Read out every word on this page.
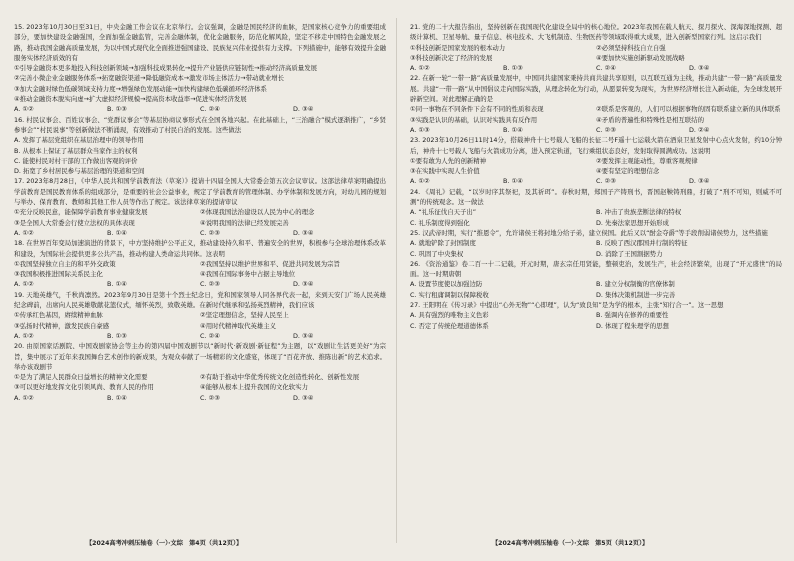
15. 2023年10月30日至31日，中央金融工作会议在北京举行。会议强调，金融是国民经济的血脉，是国家核心竞争力的重要组成部分，要加快建设金融强国，全面加强金融监管，完善金融体制，优化金融服务，防范化解风险，坚定不移走中国特色金融发展之路，推动我国金融高质量发展，为以中国式现代化全面推进强国建设、民族复兴伟业提供有力支撑。下列措施中，能够有效提升金融服务实体经济质效的有

①引导金融资本更多地投入科技创新领域→加强科技成果转化→提升产业链供应链韧性→推动经济高质量发展

②完善小微企业金融服务体系→拓宽融资渠道→降低融资成本→激发市场主体活力→带动就业增长

③加大金融对绿色低碳领域支持力度→增强绿色发展动能→加快构建绿色低碳循环经济体系

④推动金融资本脱实向虚→扩大虚拟经济规模→提高资本收益率→促进实体经济发展

A. ①②	B. ①③	C. ②④	D. ③④

16. 村民议事会、百姓议事会、“党群议事会”等基层协商议事形式在全国各地兴起。在此基础上，“三治融合”模式逐渐推广，“乡贤参事会”“村民说事”等创新做法不断涌现，有效推动了村民自治的发展。这些做法

A. 发挥了基层党组织在基层治理中的领导作用

B. 从根本上保证了基层群众当家作主的权利

C. 能使村民对村干部的工作做出客观的评价

D. 拓宽了乡村居民参与基层治理的渠道和空间

17. 2023年8月28日，《中华人民共和国学前教育法（草案）》提请十四届全国人大常委会第五次会议审议。这部法律草案明确提出学前教育是国民教育体系的组成部分，是重要的社会公益事业，规定了学前教育的管理体制、办学体制和发展方向，对幼儿园的规划与举办、保育教育、教师和其他工作人员等作出了规定。该法律草案的提请审议

①充分反映民意，能保障学前教育事业健康发展	②体现我国法治建设以人民为中心的理念
③是全国人大常委会行使立法权的具体表现	④说明我国的法律已经发展完善
A. ①②	B. ①④	C. ②③	D. ③④

18. 在世界百年变局加速演进的背景下，中方坚持维护公平正义，推动建设持久和平、普遍安全的世界，积极参与全球治理体系改革和建设，为国际社会提供更多公共产品，推动构建人类命运共同体。这表明

①我国坚持独立自主的和平外交政策	②我国坚持以维护世界和平、促进共同发展为宗旨
③我国积极推进国际关系民主化	④我国在国际事务中占据主导地位
A. ①②	B. ①④	C. ②③	D. ③④

19. 天地英雄气，千秋尚凛然。2023年9月30日是第十个烈士纪念日，党和国家领导人同各界代表一起，来到天安门广场人民英雄纪念碑前，出席向人民英雄敬献花篮仪式，缅怀英烈，致敬英雄。在新时代继承和弘扬英烈精神，我们应该

①传承红色基因，赓续精神血脉	②坚定理想信念，坚持人民至上
③弘扬时代精神，激发民族自豪感	④用时代精神取代英雄主义
A. ①②	B. ①③	C. ②④	D. ③④

20. 由原国家话剧院、中国戏剧家协会等主办的第四届中国戏剧节以“新时代·新戏剧·新征程”为主题，以“戏剧让生活更美好”为宗旨，集中展示了近年来我国舞台艺术创作的新成果，为观众奉献了一场精彩的文化盛宴，体现了“百花齐放、推陈出新”的艺术追求。举办该戏剧节

①是为了满足人民群众日益增长的精神文化需要	②有助于推动中华优秀传统文化创造性转化、创新性发展
③可以更好地发挥文化引领风尚、教育人民的作用	④能够从根本上提升我国的文化软实力
A. ①②	B. ①④	C. ②③	D. ③④

21. 党的二十大报告指出，坚持创新在我国现代化建设全局中的核心地位。2023年我国在载人航天、探月探火、深海深地探测、超级计算机、卫星导航、量子信息、核电技术、大飞机制造、生物医药等领域取得重大成果，进入创新型国家行列。这启示我们

①科技创新是国家发展的根本动力	②必须坚持科技自立自强
③科技创新决定了经济的发展	④要加快实施创新驱动发展战略
A. ①②	B. ①③	C. ②④	D. ③④

22. 在新一轮“一带一路”高质量发展中，中国同共建国家秉持共商共建共享原则，以互联互通为主线，推动共建“一带一路”高质量发展。共建“一带一路”从中国倡议走向国际实践，从理念转化为行动，从愿景转变为现实，为世界经济增长注入新动能，为全球发展开辟新空间。对此理解正确的是

①同一事物在不同条件下会有不同的性质和表现	②联系是客观的，人们可以根据事物的固有联系建立新的具体联系
③实践是认识的基础，认识对实践具有反作用	④矛盾的普遍性和特殊性是相互联结的
A. ①③	B. ①④	C. ②③	D. ②④

23. 2023年10月26日11时14分，搭载神舟十七号载人飞船的长征二号F遥十七运载火箭在酒泉卫星发射中心点火发射，约10分钟后，神舟十七号载人飞船与火箭成功分离，进入预定轨道，飞行乘组状态良好，发射取得圆满成功。这说明

①要有敢为人先的创新精神	②要发挥主观能动性，尊重客观规律
③在实践中实现人生价值	④要有坚定的理想信念
A. ①②	B. ①④	C. ②③	D. ③④

24. 《周礼》记载，“以岁时序其祭祀，及其祈珥”。春秋时期，郑国子产铸刑书，晋国赵鞅铸刑鼎，打破了“刑不可知，则威不可测”的传统观念。这一做法

A. “礼乐征伐自天子出”	B. 冲击了贵族垄断法律的特权
C. 礼乐制度得到强化	D. 先秦法家思想开始形成

25. 汉武帝时期，实行“推恩令”，允许诸侯王将封地分给子弟，建立侯国。此后又以“酎金夺爵”等手段削弱诸侯势力，这些措施

A. 就地铲除了封国制度	B. 反映了西汉郡国并行制的特征
C. 巩固了中央集权	D. 消除了王国割据势力

26. 《资治通鉴》卷二百一十二记载，开元时期，唐玄宗任用贤能，整顿吏治，发展生产，社会经济繁荣，出现了“开元盛世”的局面。这一时期唐朝

A. 设置节度使以加强边防	B. 建立分权制衡的官僚体制
C. 实行租庸调制以保障税收	D. 集体决策机制进一步完善

27. 王阳明在《传习录》中提出“心外无物”“心即理”，认为“致良知”是为学的根本，主张“知行合一”。这一思想

A. 具有强烈的唯物主义色彩	B. 强调内在修养的重要性
C. 否定了传统伦理道德体系	D. 体现了程朱理学的思想
【2024高考冲刺压轴卷（一）·文综　第4页（共12页）】	【2024高考冲刺压轴卷（一）·文综　第5页（共12页）】
